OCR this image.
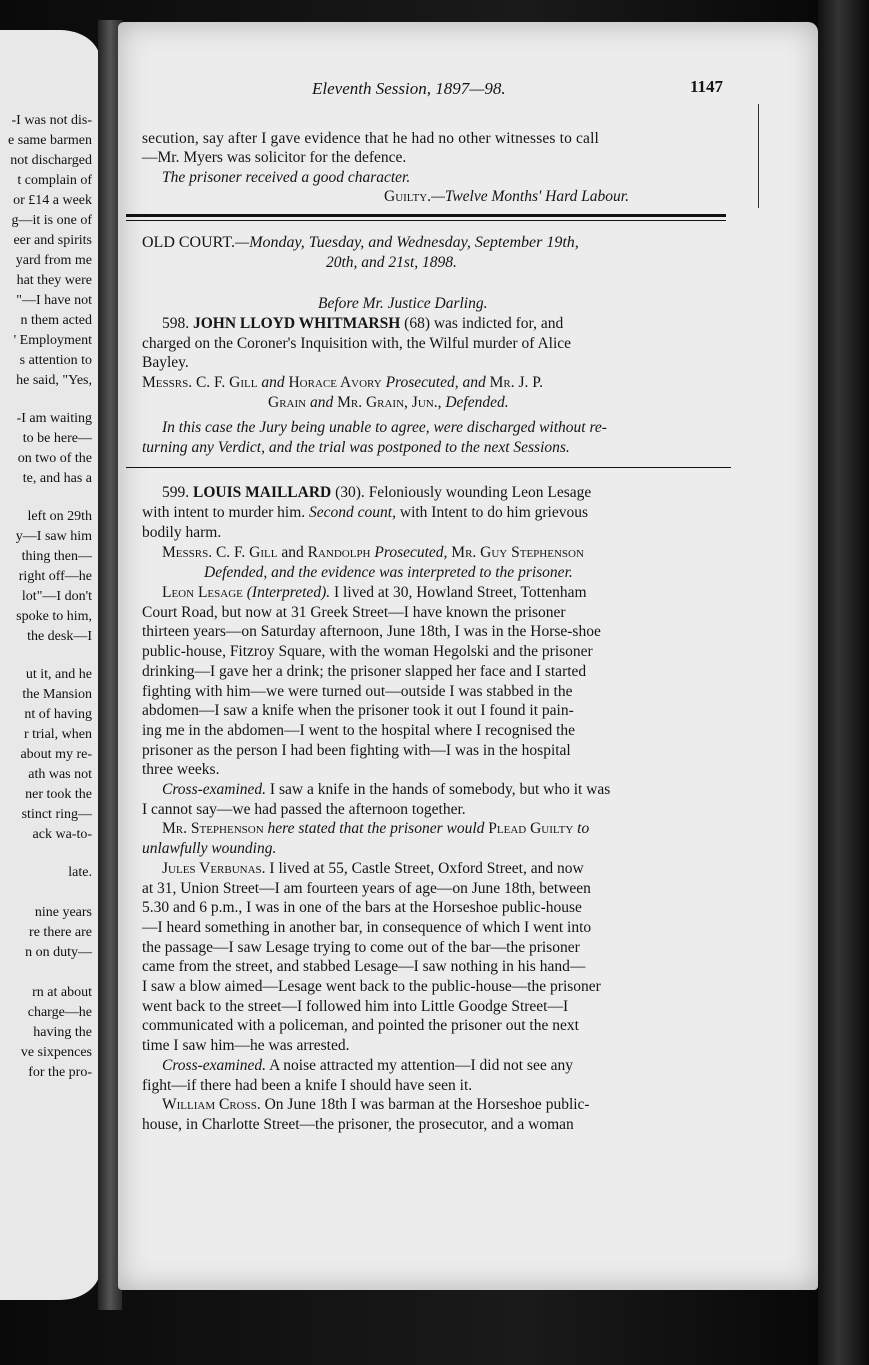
-I was not dis-
e same barmen
not discharged
t complain of
or £14 a week
g—it is one of
eer and spirits
yard from me
hat they were
"—I have not
n them acted
' Employment
s attention to
he said, "Yes,
-I am waiting
to be here—
on two of the
te, and has a
left on 29th
y—I saw him
thing then—
right off—he
lot"—I don't
spoke to him,
the desk—I
ut it, and he
the Mansion
nt of having
r trial, when
about my re-
ath was not
ner took the
stinct ring—
ack wa-to-
late.
nine years
re there are
n on duty—
rn at about
charge—he
having the
ve sixpences
for the pro-
Eleventh Session, 1897—98.	1147
secution, say after I gave evidence that he had no other witnesses to call
—Mr. Myers was solicitor for the defence.
The prisoner received a good character.
Guilty.—Twelve Months' Hard Labour.
OLD COURT.—Monday, Tuesday, and Wednesday, September 19th,
20th, and 21st, 1898.
Before Mr. Justice Darling.
598. JOHN LLOYD WHITMARSH (68) was indicted for, and
charged on the Coroner's Inquisition with, the Wilful murder of Alice
Bayley.
Messrs. C. F. Gill and Horace Avory Prosecuted, and Mr. J. P.
Grain and Mr. Grain, Jun., Defended.
In this case the Jury being unable to agree, were discharged without re-
turning any Verdict, and the trial was postponed to the next Sessions.
599. LOUIS MAILLARD (30). Feloniously wounding Leon Lesage
with intent to murder him. Second count, with Intent to do him grievous
bodily harm.
Messrs. C. F. Gill and Randolph Prosecuted, Mr. Guy Stephenson
Defended, and the evidence was interpreted to the prisoner.
Leon Lesage (Interpreted). I lived at 30, Howland Street, Tottenham
Court Road, but now at 31 Greek Street—I have known the prisoner
thirteen years—on Saturday afternoon, June 18th, I was in the Horse-shoe
public-house, Fitzroy Square, with the woman Hegolski and the prisoner
drinking—I gave her a drink; the prisoner slapped her face and I started
fighting with him—we were turned out—outside I was stabbed in the
abdomen—I saw a knife when the prisoner took it out I found it pain-
ing me in the abdomen—I went to the hospital where I recognised the
prisoner as the person I had been fighting with—I was in the hospital
three weeks.
Cross-examined. I saw a knife in the hands of somebody, but who it was
I cannot say—we had passed the afternoon together.
Mr. Stephenson here stated that the prisoner would Plead Guilty to
unlawfully wounding.
Jules Verbunas. I lived at 55, Castle Street, Oxford Street, and now
at 31, Union Street—I am fourteen years of age—on June 18th, between
5.30 and 6 p.m., I was in one of the bars at the Horseshoe public-house
—I heard something in another bar, in consequence of which I went into
the passage—I saw Lesage trying to come out of the bar—the prisoner
came from the street, and stabbed Lesage—I saw nothing in his hand—
I saw a blow aimed—Lesage went back to the public-house—the prisoner
went back to the street—I followed him into Little Goodge Street—I
communicated with a policeman, and pointed the prisoner out the next
time I saw him—he was arrested.
Cross-examined. A noise attracted my attention—I did not see any
fight—if there had been a knife I should have seen it.
William Cross. On June 18th I was barman at the Horseshoe public-
house, in Charlotte Street—the prisoner, the prosecutor, and a woman
